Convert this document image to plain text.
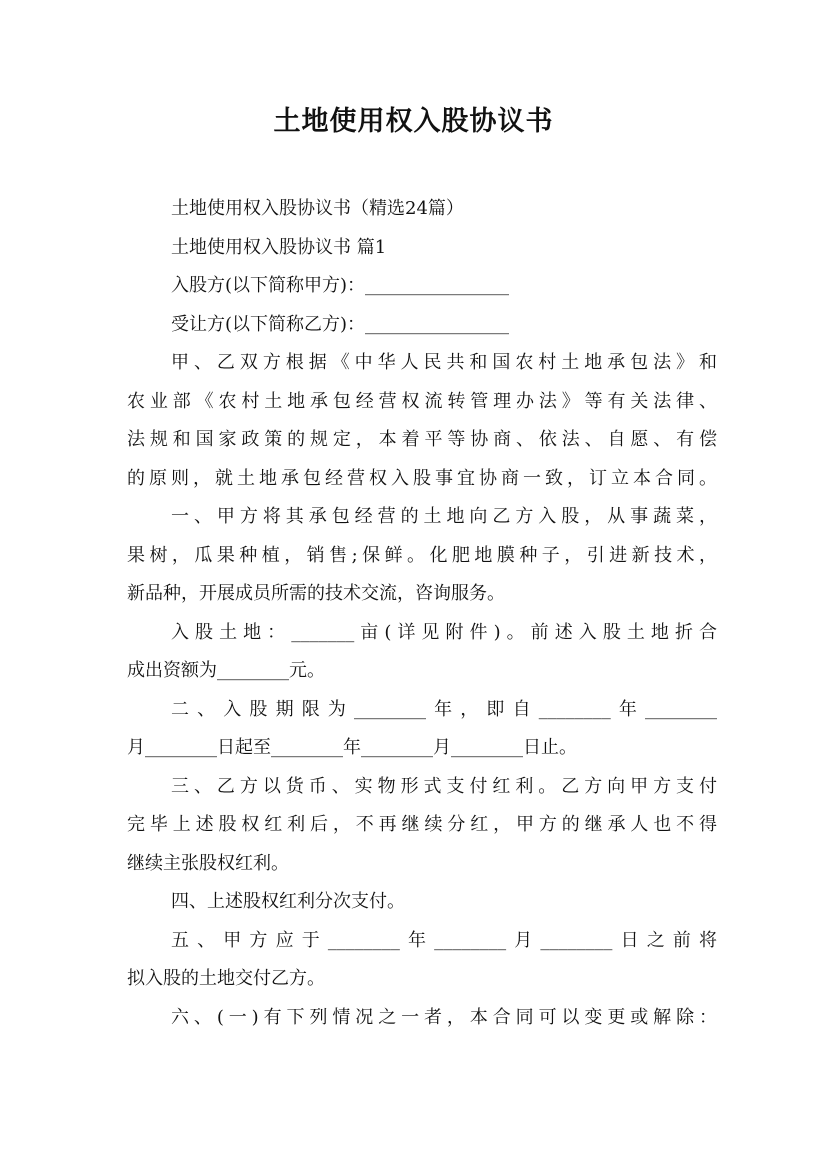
土地使用权入股协议书
土地使用权入股协议书（精选24篇）
土地使用权入股协议书 篇1
入股方(以下简称甲方)：________________
受让方(以下简称乙方)：________________
甲、乙双方根据《中华人民共和国农村土地承包法》和
农业部《农村土地承包经营权流转管理办法》等有关法律、
法规和国家政策的规定，本着平等协商、依法、自愿、有偿
的原则，就土地承包经营权入股事宜协商一致，订立本合同。
一、甲方将其承包经营的土地向乙方入股，从事蔬菜，
果树，瓜果种植，销售;保鲜。化肥地膜种子，引进新技术，
新品种，开展成员所需的技术交流，咨询服务。
入股土地：_______亩(详见附件)。前述入股土地折合
成出资额为________元。
二、入股期限为________年，即自________年________
月________日起至________年________月________日止。
三、乙方以货币、实物形式支付红利。乙方向甲方支付
完毕上述股权红利后，不再继续分红，甲方的继承人也不得
继续主张股权红利。
四、上述股权红利分次支付。
五、甲方应于________年________月________日之前将
拟入股的土地交付乙方。
六、(一)有下列情况之一者，本合同可以变更或解除：
